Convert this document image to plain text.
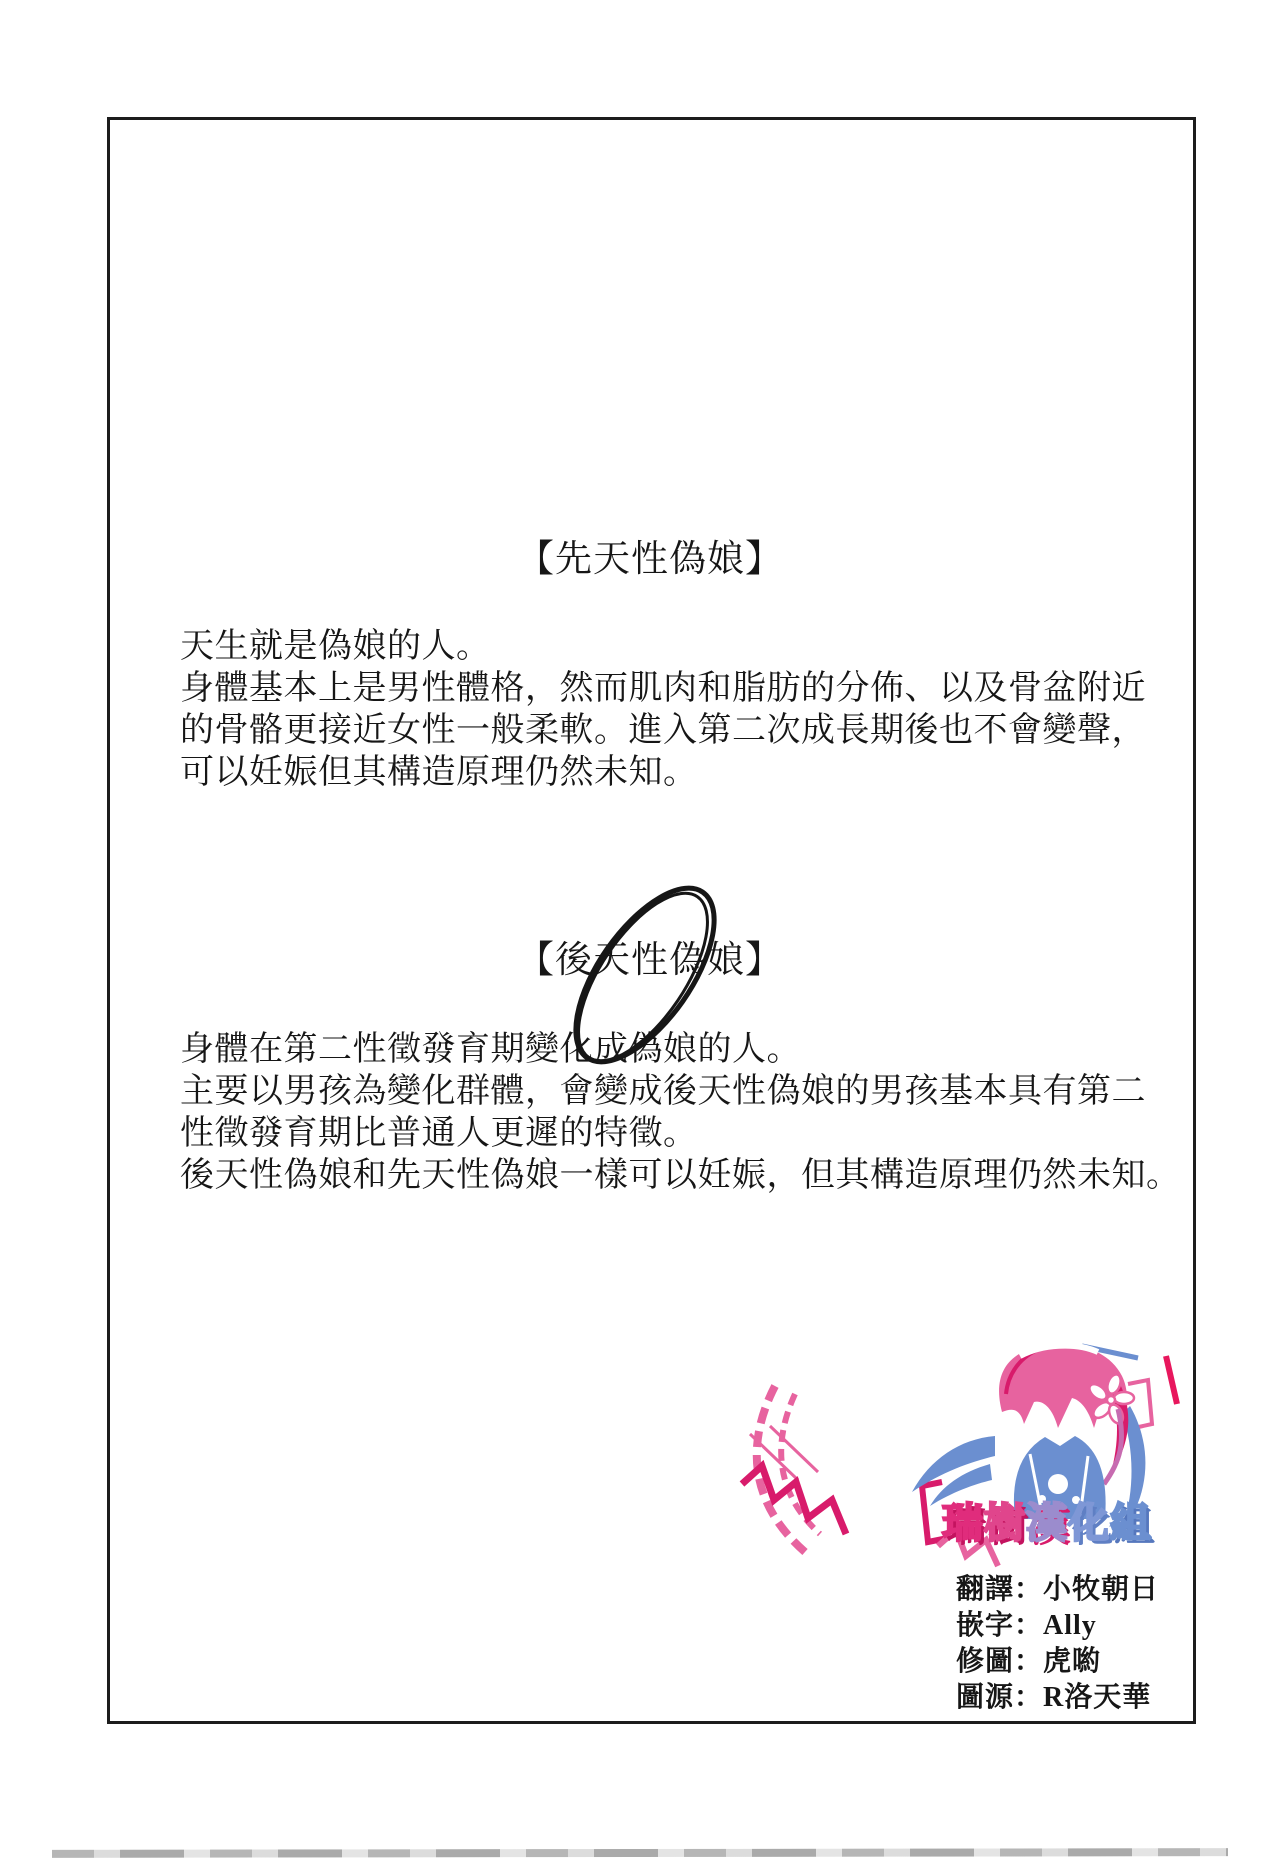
【先天性偽娘】
天生就是偽娘的人。
身體基本上是男性體格，然而肌肉和脂肪的分佈、以及骨盆附近
的骨骼更接近女性一般柔軟。進入第二次成長期後也不會變聲，
可以妊娠但其構造原理仍然未知。
【後天性偽娘】
身體在第二性徵發育期變化成偽娘的人。
主要以男孩為變化群體，會變成後天性偽娘的男孩基本具有第二
性徵發育期比普通人更遲的特徵。
後天性偽娘和先天性偽娘一樣可以妊娠，但其構造原理仍然未知。
瑞樹漢化組
翻譯 ： 小牧朝日
嵌字 ： Ally
修圖 ： 虎喲
圖源 ： R洛天華
